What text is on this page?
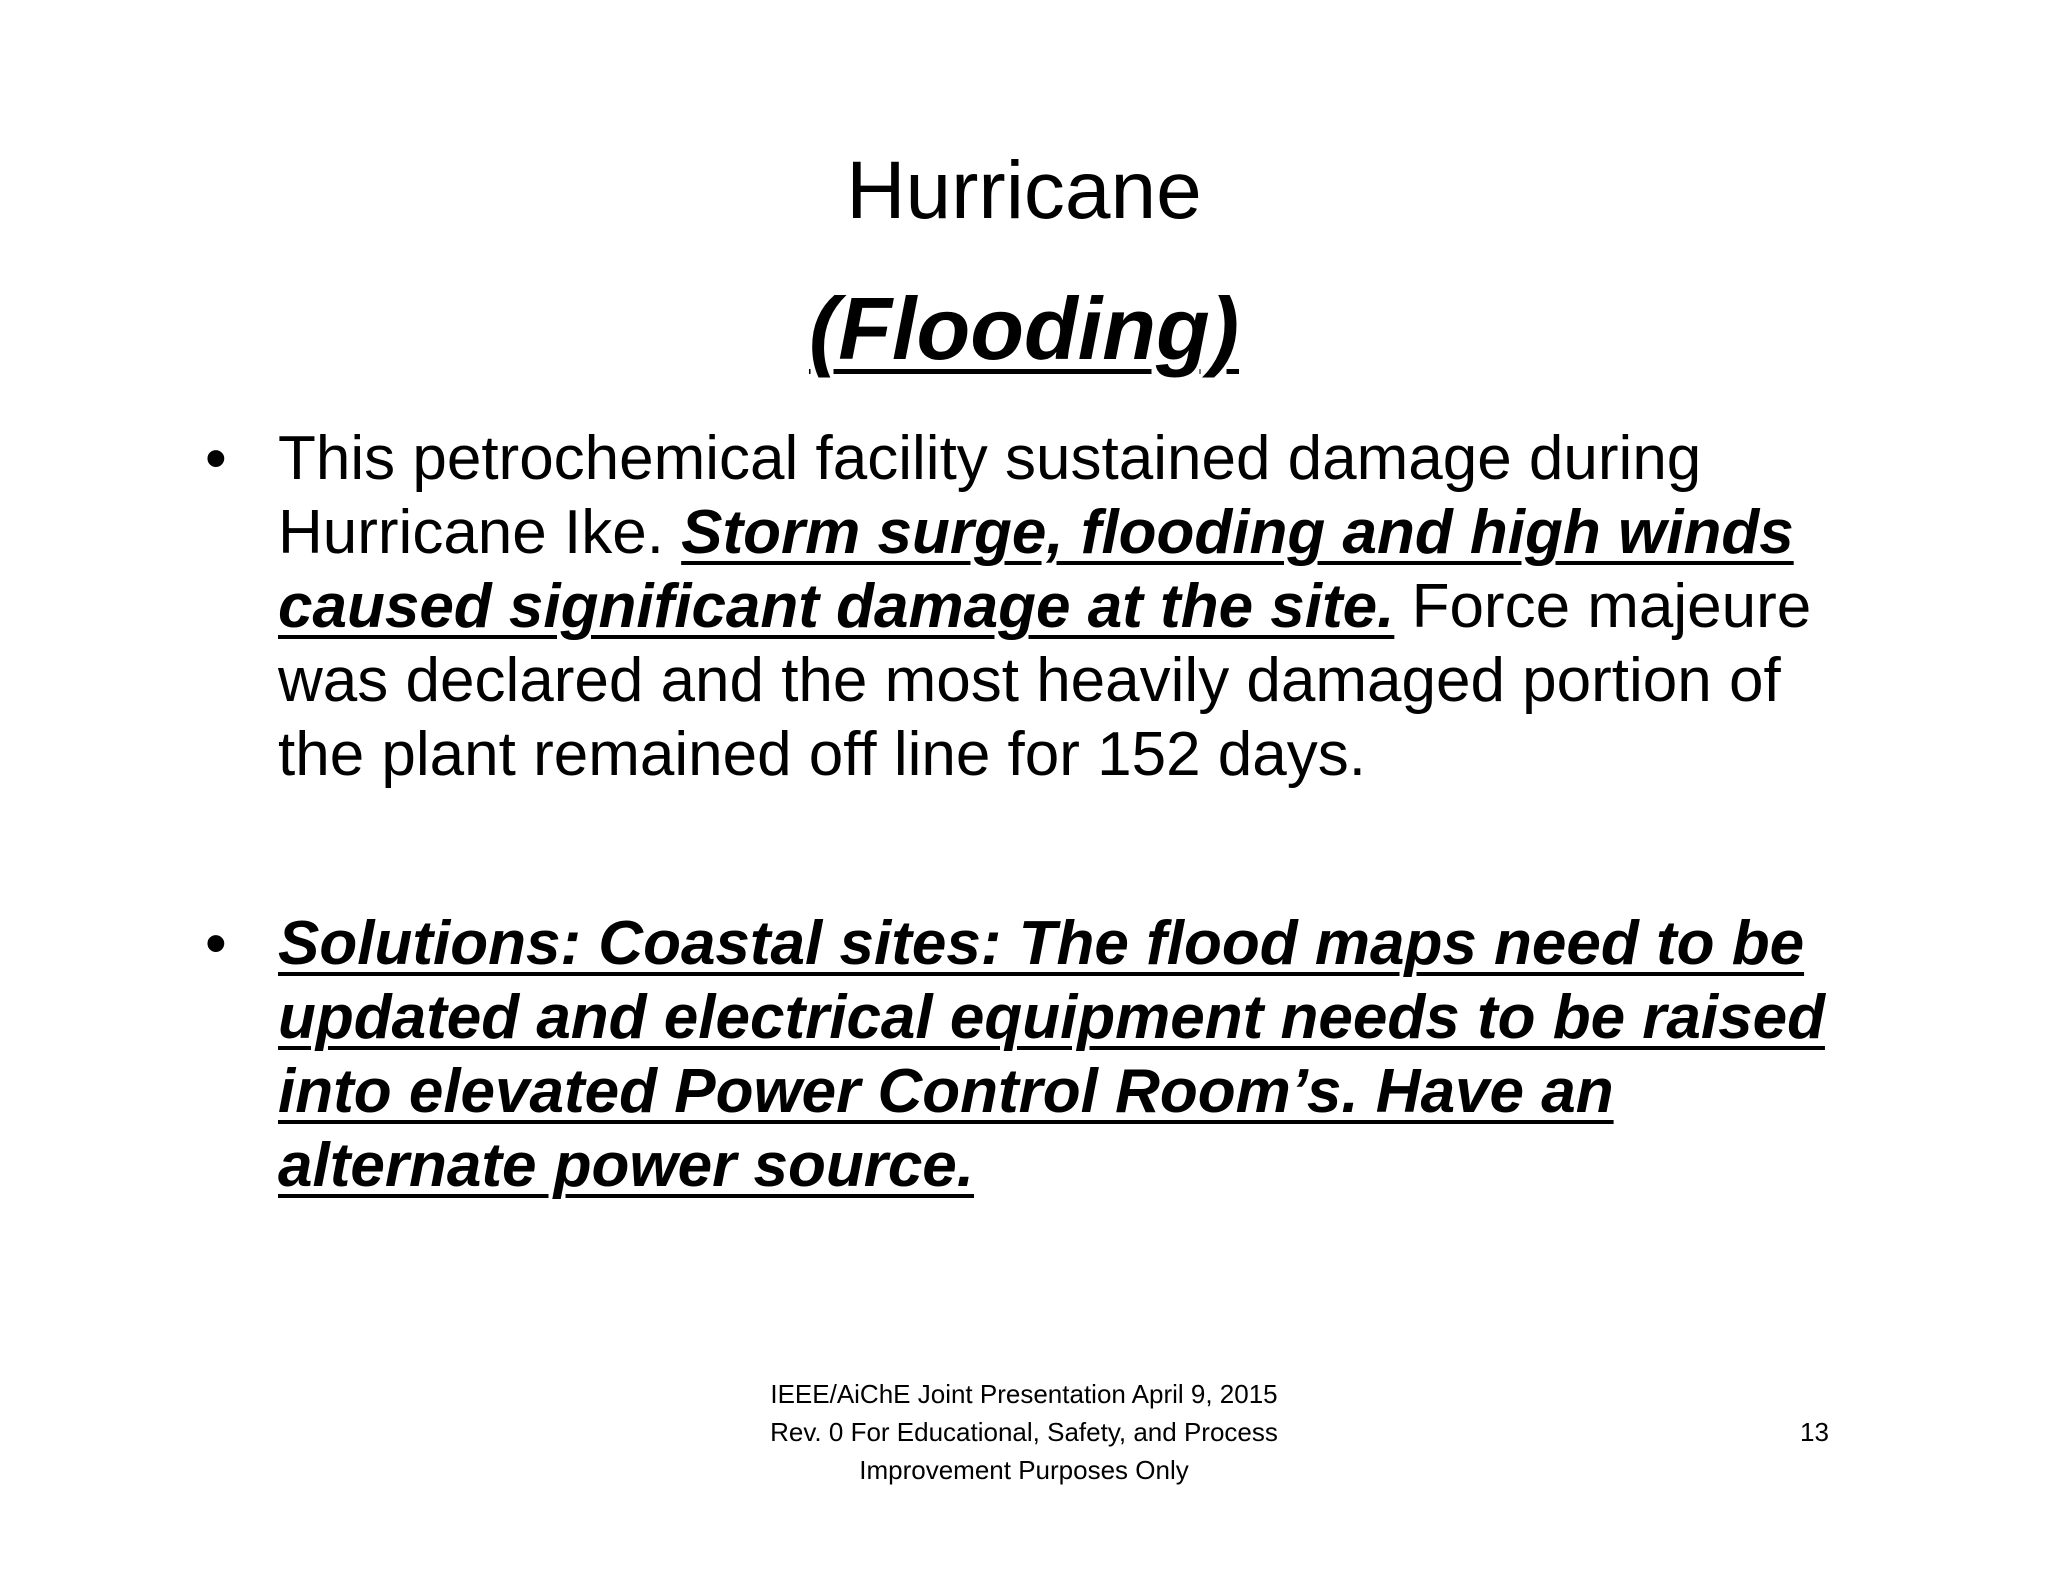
Hurricane
(Flooding)
• This petrochemical facility sustained damage during Hurricane Ike. Storm surge, flooding and high winds caused significant damage at the site. Force majeure was declared and the most heavily damaged portion of the plant remained off line for 152 days.
• Solutions: Coastal sites: The flood maps need to be updated and electrical equipment needs to be raised into elevated Power Control Room’s. Have an alternate power source.
IEEE/AiChE Joint Presentation April 9, 2015
Rev. 0 For Educational, Safety, and Process
Improvement Purposes Only
13
